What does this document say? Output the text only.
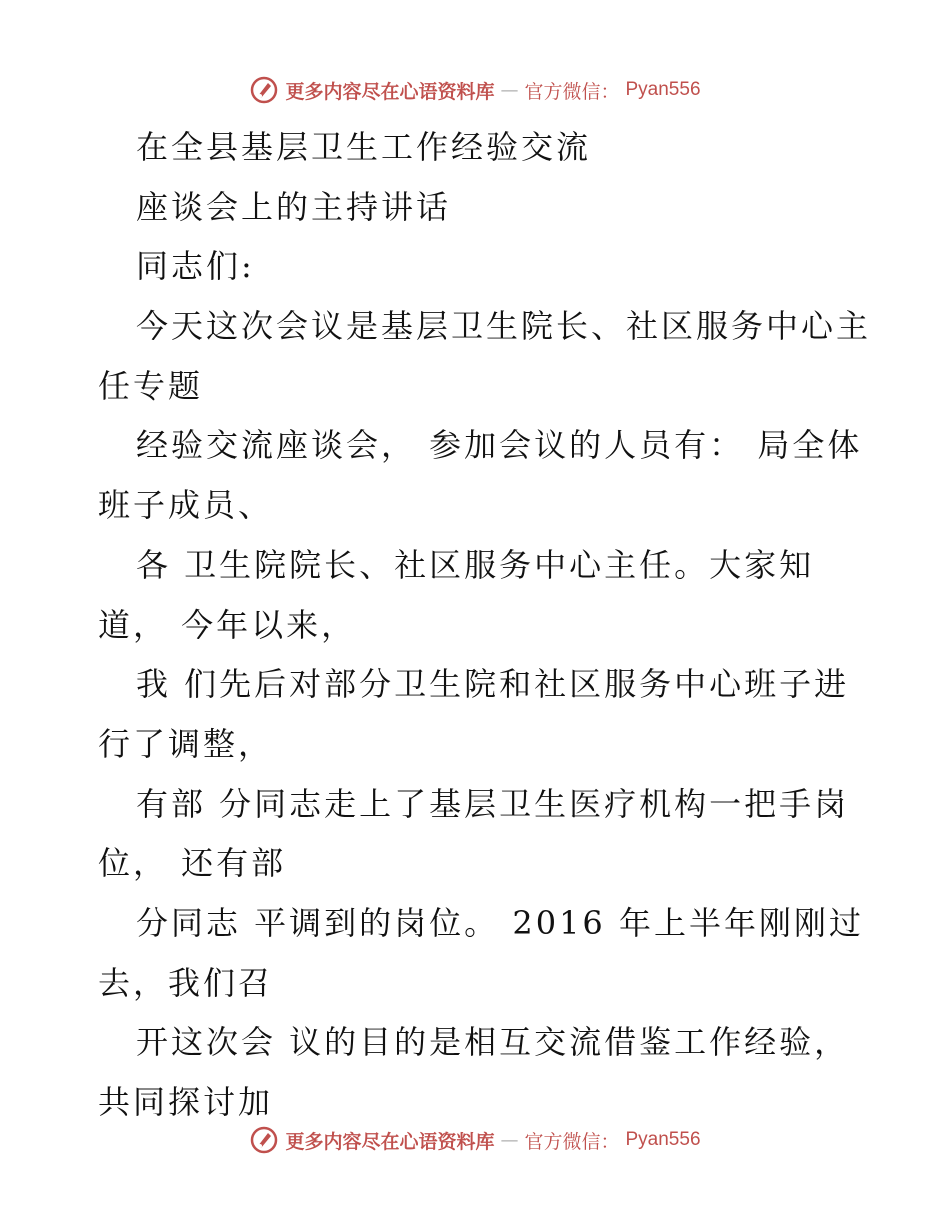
更多内容尽在心语资料库 — 官方微信： Pyan556
在全县基层卫生工作经验交流
座谈会上的主持讲话
同志们:
今天这次会议是基层卫生院长、社区服务中心主
任专题
经验交流座谈会， 参加会议的人员有： 局全体
班子成员、
各 卫生院院长、社区服务中心主任。大家知
道， 今年以来，
我 们先后对部分卫生院和社区服务中心班子进
行了调整，
有部 分同志走上了基层卫生医疗机构一把手岗
位， 还有部
分同志 平调到的岗位。 2016 年上半年刚刚过
去，我们召
开这次会 议的目的是相互交流借鉴工作经验，
共同探讨加
更多内容尽在心语资料库 — 官方微信： Pyan556
